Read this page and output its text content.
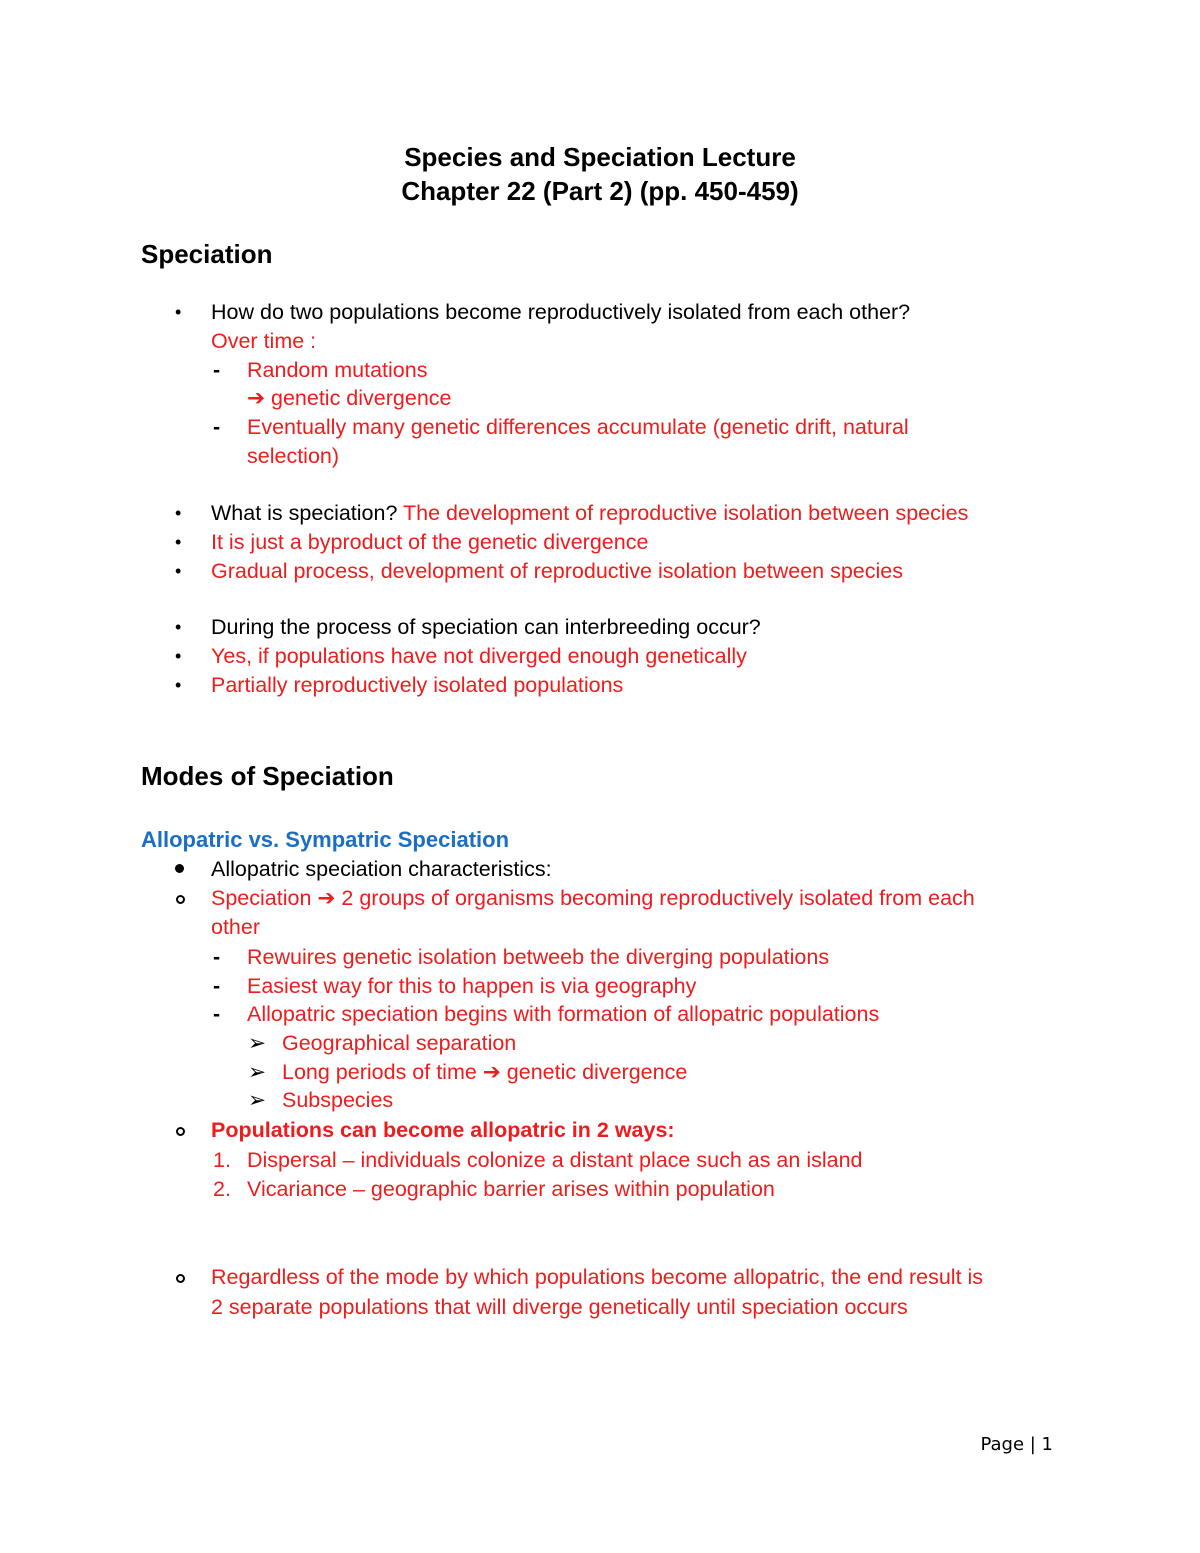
Species and Speciation Lecture
Chapter 22 (Part 2) (pp. 450-459)
Speciation
• How do two populations become reproductively isolated from each other?
Over time :
- Random mutations
➔ genetic divergence
- Eventually many genetic differences accumulate (genetic drift, natural
selection)
• What is speciation? The development of reproductive isolation between species
• It is just a byproduct of the genetic divergence
• Gradual process, development of reproductive isolation between species
• During the process of speciation can interbreeding occur?
• Yes, if populations have not diverged enough genetically
• Partially reproductively isolated populations
Modes of Speciation
Allopatric vs. Sympatric Speciation
Allopatric speciation characteristics:
Speciation ➔ 2 groups of organisms becoming reproductively isolated from each
other
- Rewuires genetic isolation betweeb the diverging populations
- Easiest way for this to happen is via geography
- Allopatric speciation begins with formation of allopatric populations
➢ Geographical separation
➢ Long periods of time ➔ genetic divergence
➢ Subspecies
Populations can become allopatric in 2 ways:
1. Dispersal – individuals colonize a distant place such as an island
2. Vicariance – geographic barrier arises within population
Regardless of the mode by which populations become allopatric, the end result is
2 separate populations that will diverge genetically until speciation occurs
Page | 1
